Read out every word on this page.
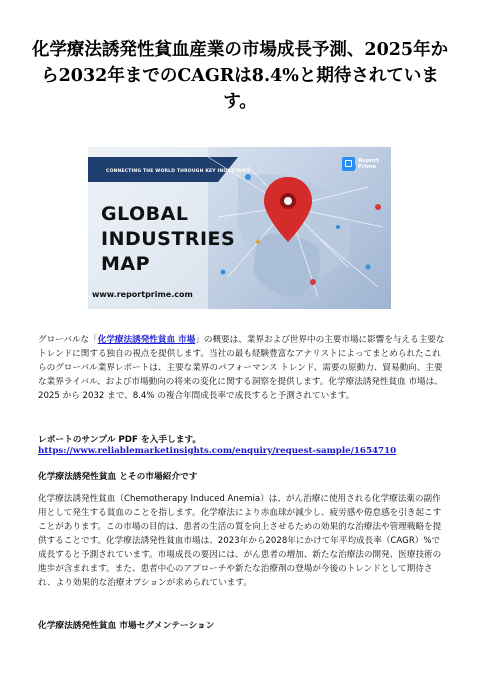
化学療法誘発性貧血産業の市場成長予測、2025年から2032年までのCAGRは8.4%と期待されています。
CONNECTING THE WORLD THROUGH KEY INDUSTRIES
GLOBAL
INDUSTRIES
MAP
www.reportprime.com
Report
Prime
グローバルな「化学療法誘発性貧血 市場」の概要は、業界および世界中の主要市場に影響を与える主要なトレンドに関する独自の視点を提供します。当社の最も経験豊富なアナリストによってまとめられたこれらのグローバル業界レポートは、主要な業界のパフォーマンス トレンド、需要の原動力、貿易動向、主要な業界ライバル、および市場動向の将来の変化に関する洞察を提供します。化学療法誘発性貧血 市場は、2025 から 2032 まで、8.4% の複合年間成長率で成長すると予測されています。
レポートのサンプル PDF を入手します。
https://www.reliablemarketinsights.com/enquiry/request-sample/1654710
化学療法誘発性貧血 とその市場紹介です
化学療法誘発性貧血（Chemotherapy Induced Anemia）は、がん治療に使用される化学療法薬の副作用として発生する貧血のことを指します。化学療法により赤血球が減少し、疲労感や倦怠感を引き起こすことがあります。この市場の目的は、患者の生活の質を向上させるための効果的な治療法や管理戦略を提供することです。化学療法誘発性貧血市場は、2023年から2028年にかけて年平均成長率（CAGR）%で成長すると予測されています。市場成長の要因には、がん患者の増加、新たな治療法の開発、医療技術の進歩が含まれます。また、患者中心のアプローチや新たな治療剤の登場が今後のトレンドとして期待され、より効果的な治療オプションが求められています。
化学療法誘発性貧血 市場セグメンテーション
